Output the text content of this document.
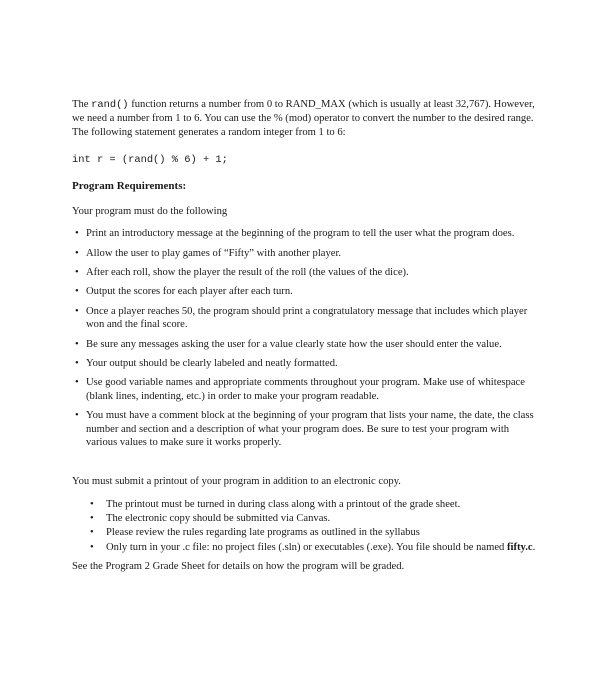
The rand() function returns a number from 0 to RAND_MAX (which is usually at least 32,767). However, we need a number from 1 to 6. You can use the % (mod) operator to convert the number to the desired range. The following statement generates a random integer from 1 to 6:

int r = (rand() % 6) + 1;
Program Requirements:
Your program must do the following
• Print an introductory message at the beginning of the program to tell the user what the program does.
• Allow the user to play games of “Fifty” with another player.
• After each roll, show the player the result of the roll (the values of the dice).
• Output the scores for each player after each turn.
• Once a player reaches 50, the program should print a congratulatory message that includes which player won and the final score.
• Be sure any messages asking the user for a value clearly state how the user should enter the value.
• Your output should be clearly labeled and neatly formatted.
• Use good variable names and appropriate comments throughout your program. Make use of whitespace (blank lines, indenting, etc.) in order to make your program readable.
• You must have a comment block at the beginning of your program that lists your name, the date, the class number and section and a description of what your program does. Be sure to test your program with various values to make sure it works properly.
You must submit a printout of your program in addition to an electronic copy.
• The printout must be turned in during class along with a printout of the grade sheet.
• The electronic copy should be submitted via Canvas.
• Please review the rules regarding late programs as outlined in the syllabus
• Only turn in your .c file: no project files (.sln) or executables (.exe). You file should be named fifty.c.
See the Program 2 Grade Sheet for details on how the program will be graded.
